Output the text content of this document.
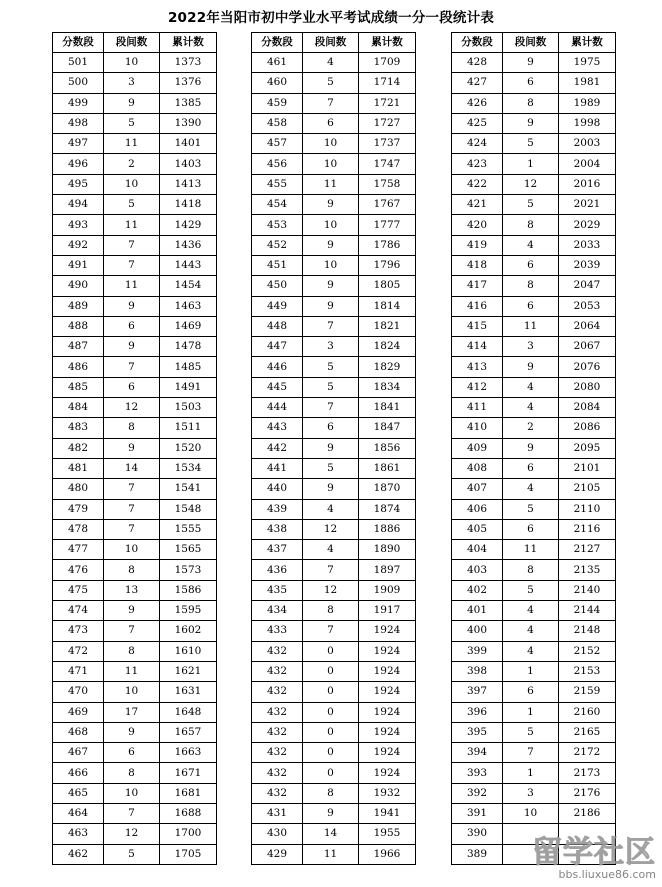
2022年当阳市初中学业水平考试成绩一分一段统计表
分数段	段间数	累计数
501	10	1373
500	3	1376
499	9	1385
498	5	1390
497	11	1401
496	2	1403
495	10	1413
494	5	1418
493	11	1429
492	7	1436
491	7	1443
490	11	1454
489	9	1463
488	6	1469
487	9	1478
486	7	1485
485	6	1491
484	12	1503
483	8	1511
482	9	1520
481	14	1534
480	7	1541
479	7	1548
478	7	1555
477	10	1565
476	8	1573
475	13	1586
474	9	1595
473	7	1602
472	8	1610
471	11	1621
470	10	1631
469	17	1648
468	9	1657
467	6	1663
466	8	1671
465	10	1681
464	7	1688
463	12	1700
462	5	1705
分数段	段间数	累计数
461	4	1709
460	5	1714
459	7	1721
458	6	1727
457	10	1737
456	10	1747
455	11	1758
454	9	1767
453	10	1777
452	9	1786
451	10	1796
450	9	1805
449	9	1814
448	7	1821
447	3	1824
446	5	1829
445	5	1834
444	7	1841
443	6	1847
442	9	1856
441	5	1861
440	9	1870
439	4	1874
438	12	1886
437	4	1890
436	7	1897
435	12	1909
434	8	1917
433	7	1924
432	0	1924
432	0	1924
432	0	1924
432	0	1924
432	0	1924
432	0	1924
432	0	1924
432	8	1932
431	9	1941
430	14	1955
429	11	1966
分数段	段间数	累计数
428	9	1975
427	6	1981
426	8	1989
425	9	1998
424	5	2003
423	1	2004
422	12	2016
421	5	2021
420	8	2029
419	4	2033
418	6	2039
417	8	2047
416	6	2053
415	11	2064
414	3	2067
413	9	2076
412	4	2080
411	4	2084
410	2	2086
409	9	2095
408	6	2101
407	4	2105
406	5	2110
405	6	2116
404	11	2127
403	8	2135
402	5	2140
401	4	2144
400	4	2148
399	4	2152
398	1	2153
397	6	2159
396	1	2160
395	5	2165
394	7	2172
393	1	2173
392	3	2176
391	10	2186
390		
389		留学社区
bbs.liuxue86.com
